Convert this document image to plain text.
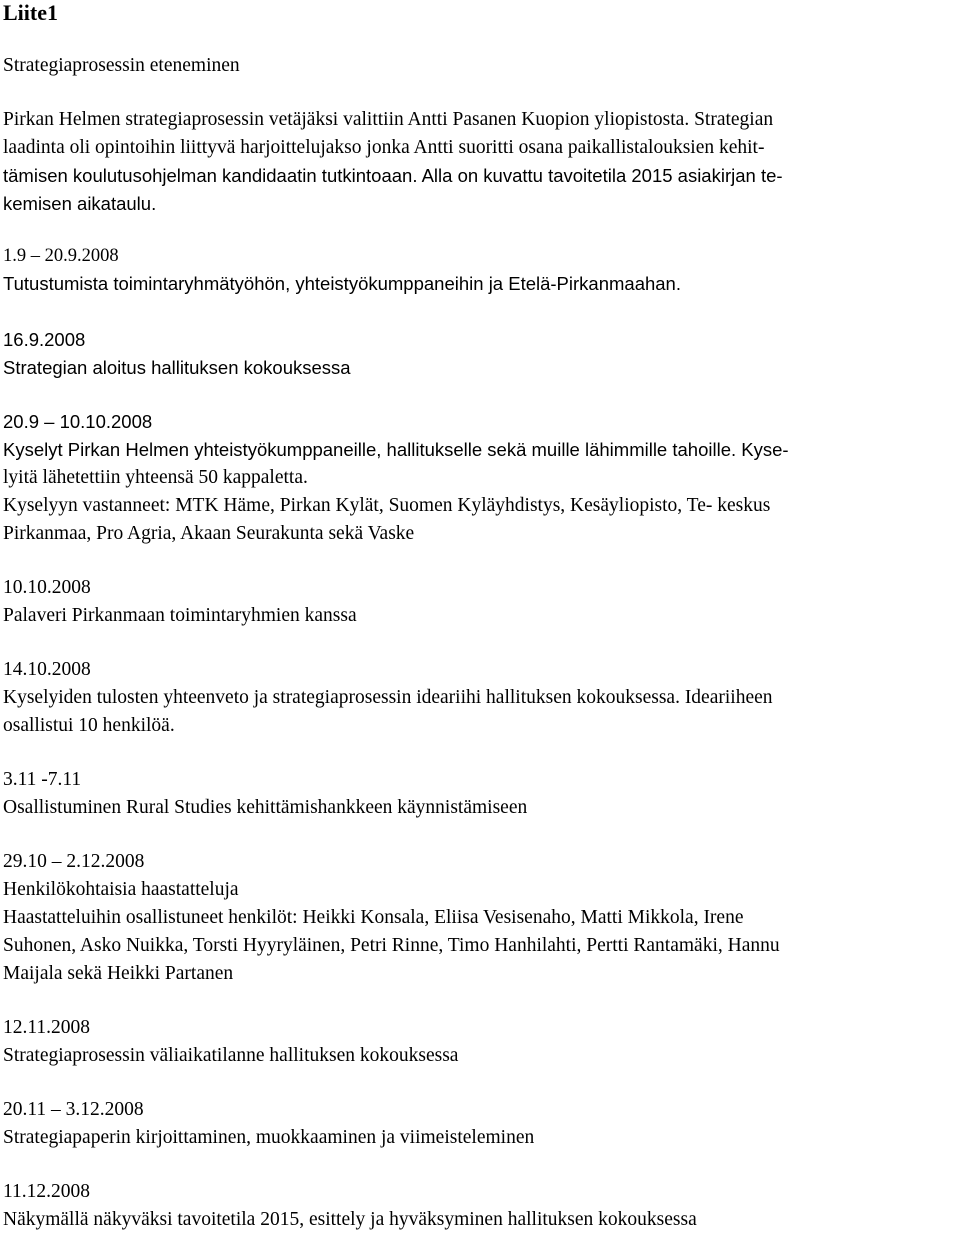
Liite1
Strategiaprosessin eteneminen
Pirkan Helmen strategiaprosessin vetäjäksi valittiin Antti Pasanen Kuopion yliopistosta. Strategian
laadinta oli opintoihin liittyvä harjoittelujakso jonka Antti suoritti osana paikallistalouksien kehit-
tämisen koulutusohjelman kandidaatin tutkintoaan. Alla on kuvattu tavoitetila 2015 asiakirjan te-
kemisen aikataulu.
1.9 – 20.9.2008
Tutustumista toimintaryhmätyöhön, yhteistyökumppaneihin ja Etelä-Pirkanmaahan.
16.9.2008
Strategian aloitus hallituksen kokouksessa
20.9 – 10.10.2008
Kyselyt Pirkan Helmen yhteistyökumppaneille, hallitukselle sekä muille lähimmille tahoille. Kyse-
lyitä lähetettiin yhteensä 50 kappaletta.
Kyselyyn vastanneet: MTK Häme, Pirkan Kylät, Suomen Kyläyhdistys, Kesäyliopisto, Te- keskus
Pirkanmaa, Pro Agria, Akaan Seurakunta sekä Vaske
10.10.2008
Palaveri Pirkanmaan toimintaryhmien kanssa
14.10.2008
Kyselyiden tulosten yhteenveto ja strategiaprosessin ideariihi hallituksen kokouksessa. Ideariiheen
osallistui 10 henkilöä.
3.11 -7.11
Osallistuminen Rural Studies kehittämishankkeen käynnistämiseen
29.10 – 2.12.2008
Henkilökohtaisia haastatteluja
Haastatteluihin osallistuneet henkilöt: Heikki Konsala, Eliisa Vesisenaho, Matti Mikkola, Irene
Suhonen, Asko Nuikka, Torsti Hyyryläinen, Petri Rinne, Timo Hanhilahti, Pertti Rantamäki, Hannu
Maijala sekä Heikki Partanen
12.11.2008
Strategiaprosessin väliaikatilanne hallituksen kokouksessa
20.11 – 3.12.2008
Strategiapaperin kirjoittaminen, muokkaaminen ja viimeisteleminen
11.12.2008
Näkymällä näkyväksi tavoitetila 2015, esittely ja hyväksyminen hallituksen kokouksessa
